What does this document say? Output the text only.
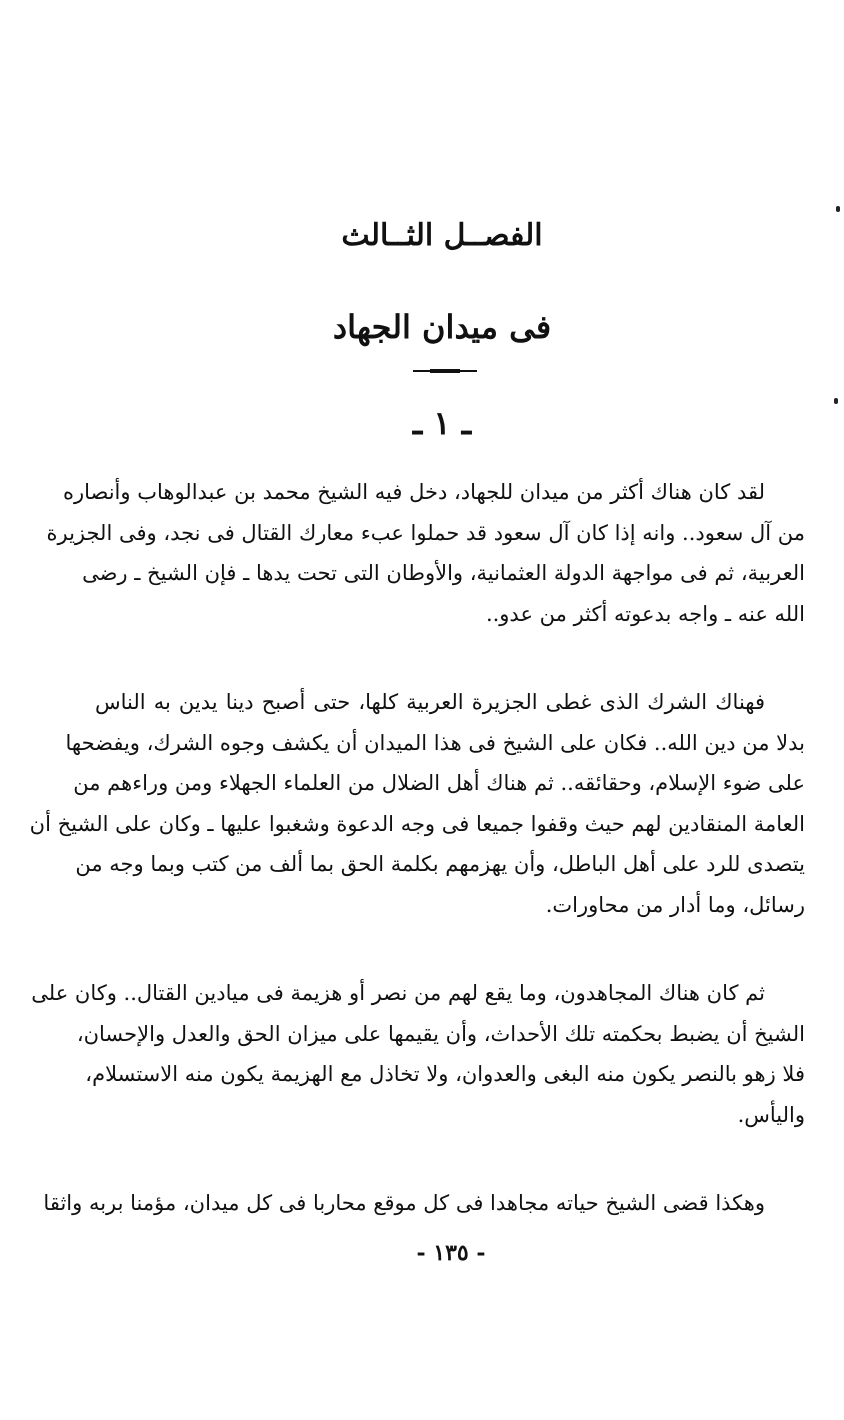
الفصــل الثــالث
فى ميدان الجهاد
ـ ١ ـ
لقد كان هناك أكثر من ميدان للجهاد، دخل فيه الشيخ محمد بن عبدالوهاب وأنصاره
من آل سعود.. وانه إذا كان آل سعود قد حملوا عبء معارك القتال فى نجد، وفى الجزيرة
العربية، ثم فى مواجهة الدولة العثمانية، والأوطان التى تحت يدها ـ فإن الشيخ ـ رضى
الله عنه ـ واجه بدعوته أكثر من عدو..
فهناك الشرك الذى غطى الجزيرة العربية كلها، حتى أصبح دينا يدين به الناس
بدلا من دين الله.. فكان على الشيخ فى هذا الميدان أن يكشف وجوه الشرك، ويفضحها
على ضوء الإسلام، وحقائقه.. ثم هناك أهل الضلال من العلماء الجهلاء ومن وراءهم من
العامة المنقادين لهم حيث وقفوا جميعا فى وجه الدعوة وشغبوا عليها ـ وكان على الشيخ أن
يتصدى للرد على أهل الباطل، وأن يهزمهم بكلمة الحق بما ألف من كتب وبما وجه من
رسائل، وما أدار من محاورات.
ثم كان هناك المجاهدون، وما يقع لهم من نصر أو هزيمة فى ميادين القتال.. وكان على
الشيخ أن يضبط بحكمته تلك الأحداث، وأن يقيمها على ميزان الحق والعدل والإحسان،
فلا زهو بالنصر يكون منه البغى والعدوان، ولا تخاذل مع الهزيمة يكون منه الاستسلام،
واليأس.
وهكذا قضى الشيخ حياته مجاهدا فى كل موقع محاربا فى كل ميدان، مؤمنا بربه واثقا
- ١٣٥ -
